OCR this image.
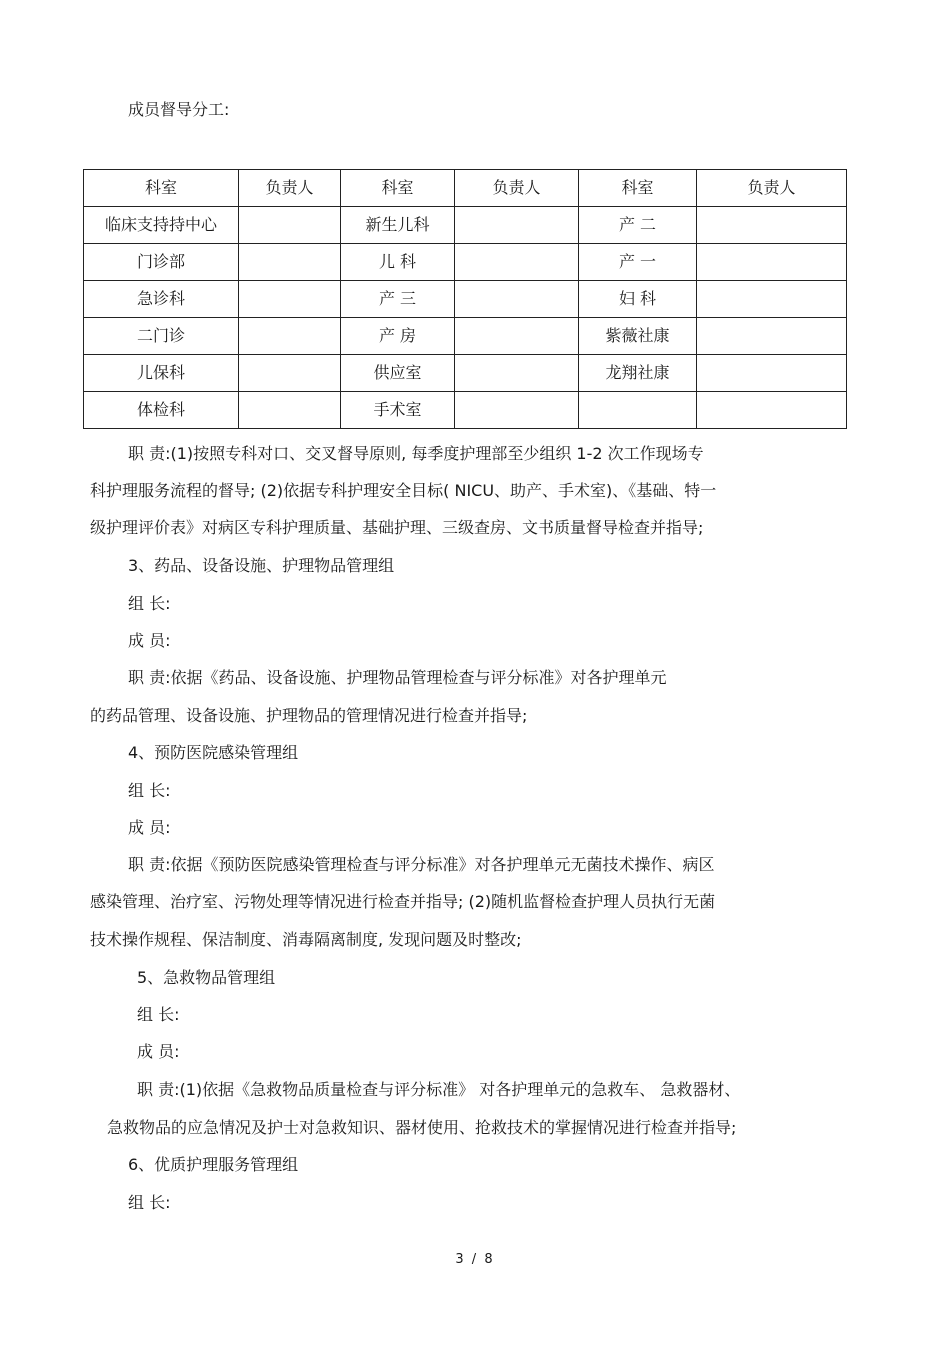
成员督导分工:
科室	负责人	科室	负责人	科室	负责人
临床支持持中心		新生儿科		产 二	
门诊部		儿 科		产 一	
急诊科		产 三		妇 科	
二门诊		产 房		紫薇社康	
儿保科		供应室		龙翔社康	
体检科		手术室			
职 责:(1)按照专科对口、交叉督导原则, 每季度护理部至少组织 1-2 次工作现场专
科护理服务流程的督导; (2)依据专科护理安全目标( NICU、助产、手术室)、《基础、特一
级护理评价表》对病区专科护理质量、基础护理、三级查房、文书质量督导检查并指导;
3、药品、设备设施、护理物品管理组
组 长:
成 员:
职 责:依据《药品、设备设施、护理物品管理检查与评分标准》对各护理单元
的药品管理、设备设施、护理物品的管理情况进行检查并指导;
4、预防医院感染管理组
组 长:
成 员:
职 责:依据《预防医院感染管理检查与评分标准》对各护理单元无菌技术操作、病区
感染管理、治疗室、污物处理等情况进行检查并指导; (2)随机监督检查护理人员执行无菌
技术操作规程、保洁制度、消毒隔离制度, 发现问题及时整改;
5、急救物品管理组
组 长:
成 员:
职 责:(1)依据《急救物品质量检查与评分标准》 对各护理单元的急救车、 急救器材、
急救物品的应急情况及护士对急救知识、器材使用、抢救技术的掌握情况进行检查并指导;
6、优质护理服务管理组
组 长:
3 / 8
